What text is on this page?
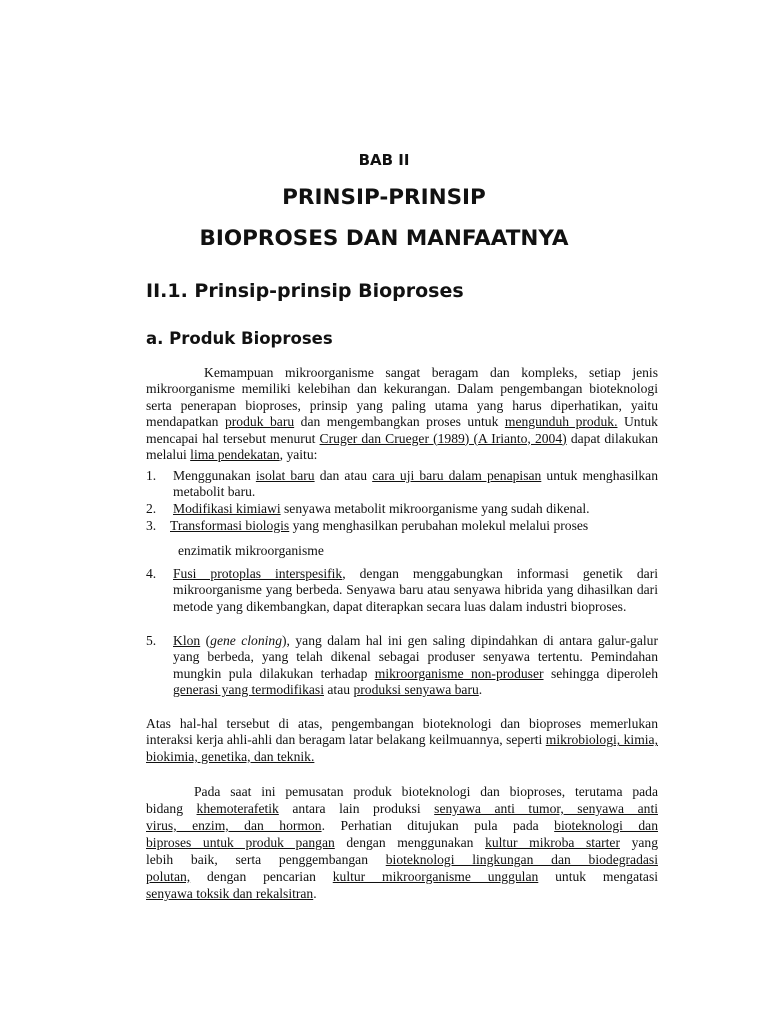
BAB II
PRINSIP-PRINSIP
BIOPROSES DAN MANFAATNYA
II.1. Prinsip-prinsip Bioproses
a. Produk Bioproses
Kemampuan mikroorganisme sangat beragam dan kompleks, setiap jenis mikroorganisme memiliki kelebihan dan kekurangan. Dalam pengembangan bioteknologi serta penerapan bioproses, prinsip yang paling utama yang harus diperhatikan, yaitu mendapatkan produk baru dan mengembangkan proses untuk mengunduh produk. Untuk mencapai hal tersebut menurut Cruger dan Crueger (1989) (A Irianto, 2004) dapat dilakukan melalui lima pendekatan, yaitu:
1. Menggunakan isolat baru dan atau cara uji baru dalam penapisan untuk menghasilkan metabolit baru.
2. Modifikasi kimiawi senyawa metabolit mikroorganisme yang sudah dikenal.
3. Transformasi biologis yang menghasilkan perubahan molekul melalui proses
enzimatik mikroorganisme
4. Fusi protoplas interspesifik, dengan menggabungkan informasi genetik dari mikroorganisme yang berbeda. Senyawa baru atau senyawa hibrida yang dihasilkan dari metode yang dikembangkan, dapat diterapkan secara luas dalam industri bioproses.
5. Klon (gene cloning), yang dalam hal ini gen saling dipindahkan di antara galur-galur yang berbeda, yang telah dikenal sebagai produser senyawa tertentu. Pemindahan mungkin pula dilakukan terhadap mikroorganisme non-produser sehingga diperoleh generasi yang termodifikasi atau produksi senyawa baru.
Atas hal-hal tersebut di atas, pengembangan bioteknologi dan bioproses memerlukan interaksi kerja ahli-ahli dan beragam latar belakang keilmuannya, seperti mikrobiologi, kimia, biokimia, genetika, dan teknik.
Pada saat ini pemusatan produk bioteknologi dan bioproses, terutama pada
bidang khemoterafetik antara lain produksi senyawa anti tumor, senyawa anti
virus, enzim, dan hormon. Perhatian ditujukan pula pada bioteknologi dan
biproses untuk produk pangan dengan menggunakan kultur mikroba starter yang
lebih baik, serta penggembangan bioteknologi lingkungan dan biodegradasi
polutan, dengan pencarian kultur mikroorganisme unggulan untuk mengatasi
senyawa toksik dan rekalsitran.
